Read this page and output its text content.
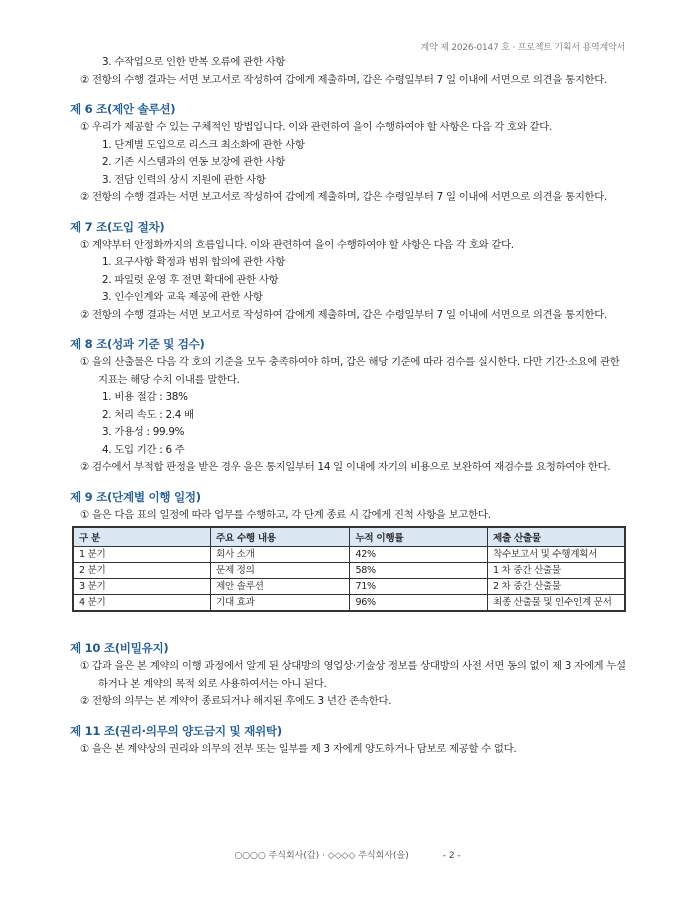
계약 제 2026-0147 호 · 프로젝트 기획서 용역계약서

3. 수작업으로 인한 반복 오류에 관한 사항

② 전항의 수행 결과는 서면 보고서로 작성하여 갑에게 제출하며, 갑은 수령일부터 7 일 이내에 서면으로 의견을 통지한다.

제 6 조(제안 솔루션)

① 우리가 제공할 수 있는 구체적인 방법입니다. 이와 관련하여 을이 수행하여야 할 사항은 다음 각 호와 같다.

1. 단계별 도입으로 리스크 최소화에 관한 사항

2. 기존 시스템과의 연동 보장에 관한 사항

3. 전담 인력의 상시 지원에 관한 사항

② 전항의 수행 결과는 서면 보고서로 작성하여 갑에게 제출하며, 갑은 수령일부터 7 일 이내에 서면으로 의견을 통지한다.

제 7 조(도입 절차)

① 계약부터 안정화까지의 흐름입니다. 이와 관련하여 을이 수행하여야 할 사항은 다음 각 호와 같다.

1. 요구사항 확정과 범위 합의에 관한 사항

2. 파일럿 운영 후 전면 확대에 관한 사항

3. 인수인계와 교육 제공에 관한 사항

② 전항의 수행 결과는 서면 보고서로 작성하여 갑에게 제출하며, 갑은 수령일부터 7 일 이내에 서면으로 의견을 통지한다.

제 8 조(성과 기준 및 검수)

① 을의 산출물은 다음 각 호의 기준을 모두 충족하여야 하며, 갑은 해당 기준에 따라 검수를 실시한다. 다만 기간·소요에 관한 지표는 해당 수치 이내를 말한다.

1. 비용 절감 : 38%

2. 처리 속도 : 2.4 배

3. 가용성 : 99.9%

4. 도입 기간 : 6 주

② 검수에서 부적합 판정을 받은 경우 을은 통지일부터 14 일 이내에 자기의 비용으로 보완하여 재검수를 요청하여야 한다.

제 9 조(단계별 이행 일정)

① 을은 다음 표의 일정에 따라 업무를 수행하고, 각 단계 종료 시 갑에게 진척 사항을 보고한다.

구 분	주요 수행 내용	누적 이행률	제출 산출물
1 분기	회사 소개	42%	착수보고서 및 수행계획서
2 분기	문제 정의	58%	1 차 중간 산출물
3 분기	제안 솔루션	71%	2 차 중간 산출물
4 분기	기대 효과	96%	최종 산출물 및 인수인계 문서
제 10 조(비밀유지)

① 갑과 을은 본 계약의 이행 과정에서 알게 된 상대방의 영업상·기술상 정보를 상대방의 사전 서면 동의 없이 제 3 자에게 누설하거나 본 계약의 목적 외로 사용하여서는 아니 된다.

② 전항의 의무는 본 계약이 종료되거나 해지된 후에도 3 년간 존속한다.

제 11 조(권리·의무의 양도금지 및 재위탁)

① 을은 본 계약상의 권리와 의무의 전부 또는 일부를 제 3 자에게 양도하거나 담보로 제공할 수 없다.

○○○○ 주식회사(갑) · ◇◇◇◇ 주식회사(을)	- 2 -
